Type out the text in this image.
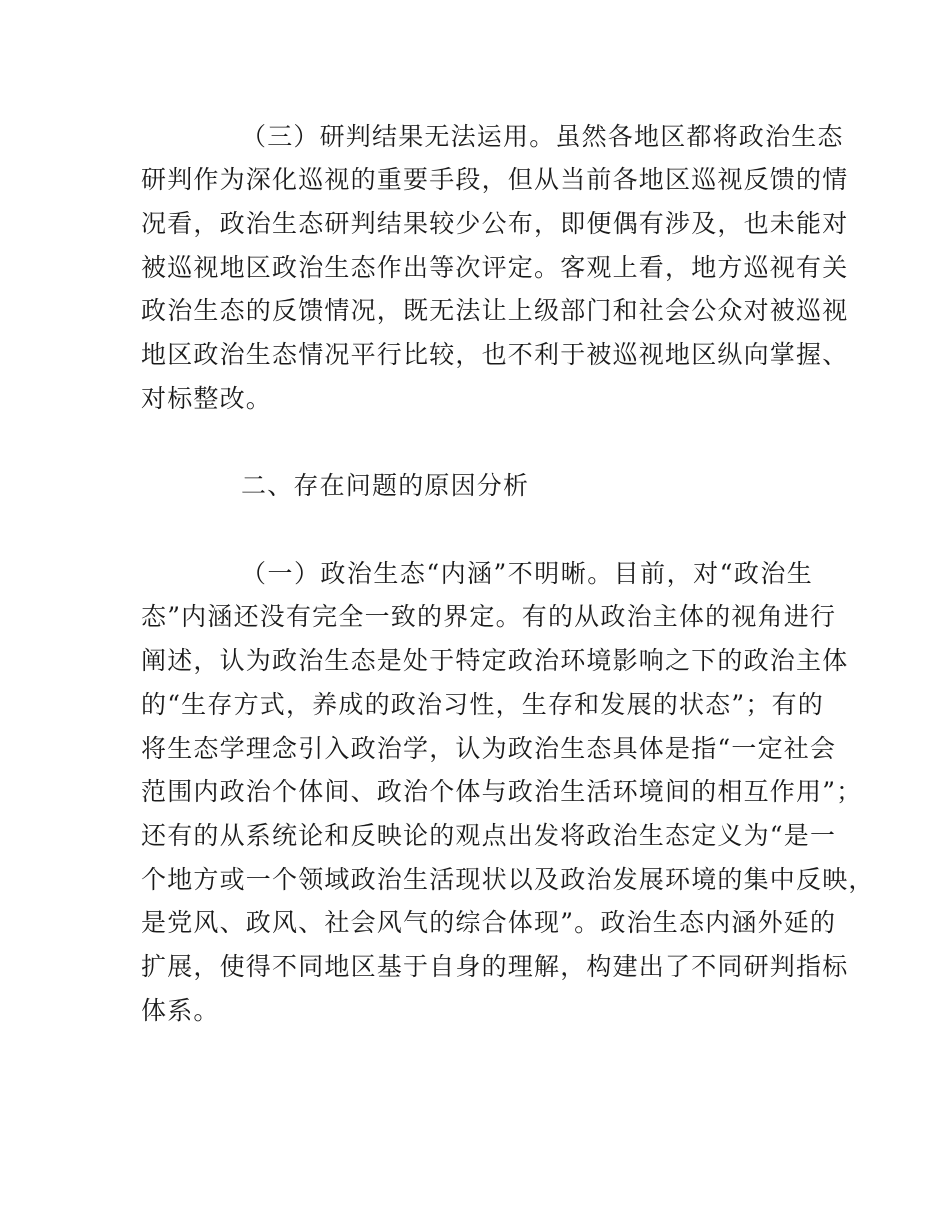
（三）研判结果无法运用。虽然各地区都将政治生态
研判作为深化巡视的重要手段，但从当前各地区巡视反馈的情
况看，政治生态研判结果较少公布，即便偶有涉及，也未能对
被巡视地区政治生态作出等次评定。客观上看，地方巡视有关
政治生态的反馈情况，既无法让上级部门和社会公众对被巡视
地区政治生态情况平行比较，也不利于被巡视地区纵向掌握、
对标整改。
二、存在问题的原因分析
（一）政治生态“内涵”不明晰。目前，对“政治生
态”内涵还没有完全一致的界定。有的从政治主体的视角进行
阐述，认为政治生态是处于特定政治环境影响之下的政治主体
的“生存方式，养成的政治习性，生存和发展的状态”；有的
将生态学理念引入政治学，认为政治生态具体是指“一定社会
范围内政治个体间、政治个体与政治生活环境间的相互作用”；
还有的从系统论和反映论的观点出发将政治生态定义为“是一
个地方或一个领域政治生活现状以及政治发展环境的集中反映，
是党风、政风、社会风气的综合体现”。政治生态内涵外延的
扩展，使得不同地区基于自身的理解，构建出了不同研判指标
体系。
